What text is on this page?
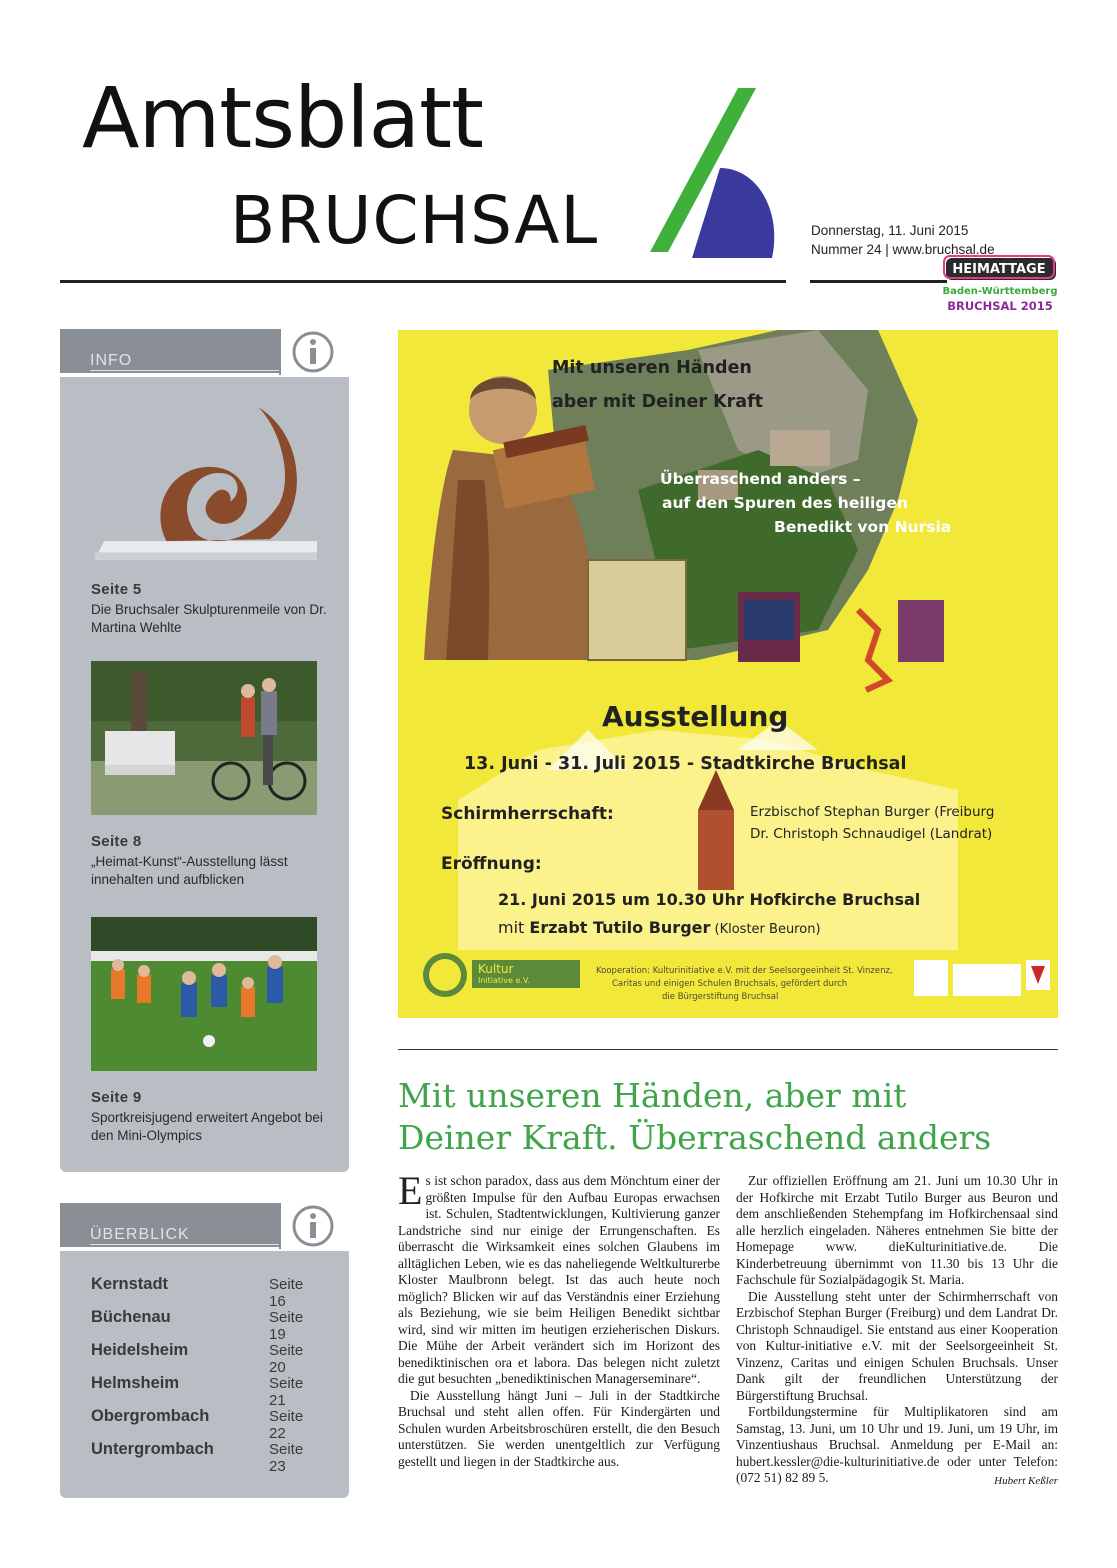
Amtsblatt
BRUCHSAL	Donnerstag, 11. Juni 2015
Nummer 24 | www.bruchsal.de
HEIMATTAGE
Baden-Württemberg
BRUCHSAL 2015
INFO
Seite 5
Die Bruchsaler Skulpturenmeile von Dr. Martina Wehlte
Seite 8
„Heimat-Kunst“-Ausstellung lässt innehalten und aufblicken
Seite 9
Sportkreisjugend erweitert Angebot bei den Mini-Olympics
ÜBERBLICK
Kernstadt	Seite 16
Büchenau	Seite 19
Heidelsheim	Seite 20
Helmsheim	Seite 21
Obergrombach	Seite 22
Untergrombach	Seite 23
Mit unseren Händen
aber mit Deiner Kraft
Überraschend anders –
auf den Spuren des heiligen
Benedikt von Nursia
Ausstellung
13. Juni - 31. Juli 2015 - Stadtkirche Bruchsal
Schirmherrschaft:	Erzbischof Stephan Burger (Freiburg
Dr. Christoph Schnaudigel (Landrat)
Eröffnung:
21. Juni 2015 um 10.30 Uhr Hofkirche Bruchsal
mit Erzabt Tutilo Burger (Kloster Beuron)
Kultur
Initiative e.V.
Kooperation: Kulturinitiative e.V. mit der Seelsorgeeinheit St. Vinzenz,
Caritas und einigen Schulen Bruchsals, gefördert durch
die Bürgerstiftung Bruchsal
Mit unseren Händen, aber mit
Deiner Kraft. Überraschend anders

Es ist schon paradox, dass aus dem Mönchtum einer der größten Impulse für den Aufbau Europas erwachsen ist. Schulen, Stadtentwicklungen, Kultivierung ganzer Landstriche sind nur einige der Errungenschaften. Es überrascht die Wirksamkeit eines solchen Glaubens im alltäglichen Leben, wie es das naheliegende Weltkulturerbe Kloster Maulbronn belegt. Ist das auch heute noch möglich? Blicken wir auf das Verständnis einer Erziehung als Beziehung, wie sie beim Heiligen Benedikt sichtbar wird, sind wir mitten im heutigen erzieherischen Diskurs. Die Mühe der Arbeit verändert sich im Horizont des benediktinischen ora et labora. Das belegen nicht zuletzt die gut besuchten „benediktinischen Managerseminare“.

Die Ausstellung hängt Juni – Juli in der Stadtkirche Bruchsal und steht allen offen. Für Kindergärten und Schulen wurden Arbeitsbroschüren erstellt, die den Besuch unterstützen. Sie werden unentgeltlich zur Verfügung gestellt und liegen in der Stadtkirche aus.

Zur offiziellen Eröffnung am 21. Juni um 10.30 Uhr in der Hofkirche mit Erzabt Tutilo Burger aus Beuron und dem anschließenden Stehempfang im Hofkirchensaal sind alle herzlich eingeladen. Näheres entnehmen Sie bitte der Homepage www. dieKulturinitiative.de. Die Kinderbetreuung übernimmt von 11.30 bis 13 Uhr die Fachschule für Sozialpädagogik St. Maria.

Die Ausstellung steht unter der Schirmherrschaft von Erzbischof Stephan Burger (Freiburg) und dem Landrat Dr. Christoph Schnaudigel. Sie entstand aus einer Kooperation von Kultur-initiative e.V. mit der Seelsorgeeinheit St. Vinzenz, Caritas und einigen Schulen Bruchsals. Unser Dank gilt der freundlichen Unterstützung der Bürgerstiftung Bruchsal.

Fortbildungstermine für Multiplikatoren sind am Samstag, 13. Juni, um 10 Uhr und 19. Juni, um 19 Uhr, im Vinzentiushaus Bruchsal. Anmeldung per E-Mail an: hubert.kessler@die-kulturinitiative.de oder unter Telefon: (072 51) 82 89 5.	Hubert Keßler
